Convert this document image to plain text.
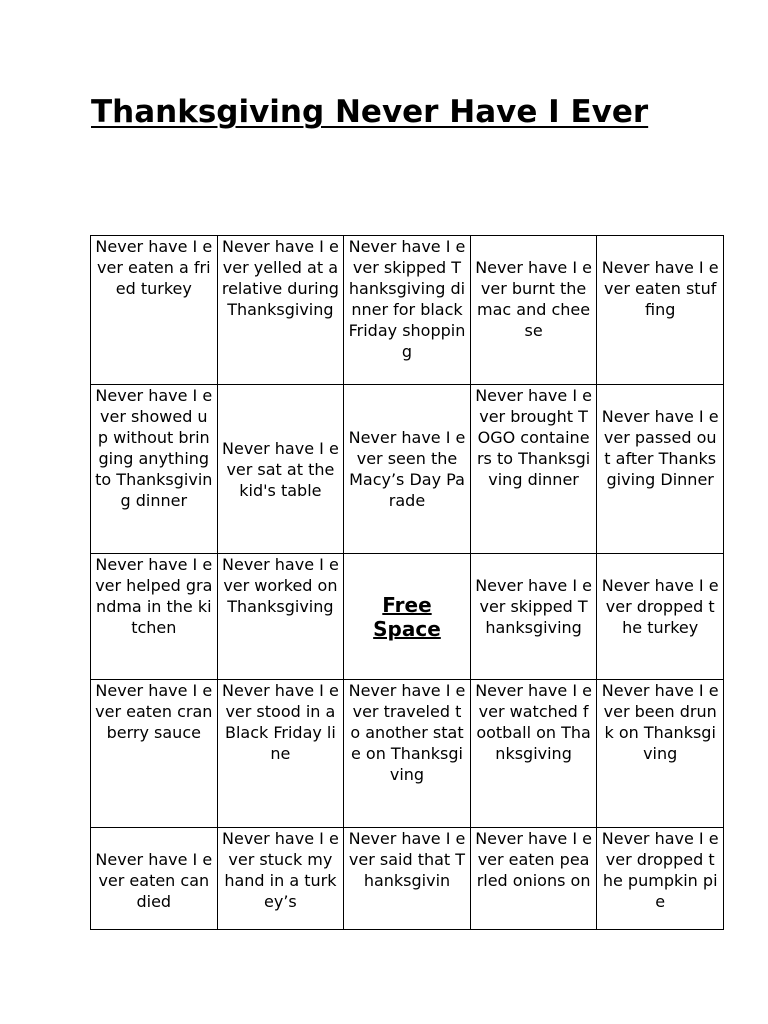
Thanksgiving Never Have I Ever
Never have I ever eaten a fried turkey	Never have I ever yelled at a relative during Thanksgiving	Never have I ever skipped Thanksgiving dinner for black Friday shopping	Never have I ever burnt the mac and cheese	Never have I ever eaten stuffing

Never have I ever showed up without bringing anything to Thanksgiving dinner	Never have I ever sat at the kid's table	Never have I ever seen the Macy’s Day Parade	Never have I ever brought TOGO containers to Thanksgiving dinner	Never have I ever passed out after Thanksgiving Dinner

Never have I ever helped grandma in the kitchen	Never have I ever worked on Thanksgiving	Free Space	Never have I ever skipped Thanksgiving	Never have I ever dropped the turkey

Never have I ever eaten cranberry sauce	Never have I ever stood in a Black Friday line	Never have I ever traveled to another state on Thanksgiving	Never have I ever watched football on Thanksgiving	Never have I ever been drunk on Thanksgiving

Never have I ever eaten candied	Never have I ever stuck my hand in a turkey’s	Never have I ever said that Thanksgivin	Never have I ever eaten pearled onions on	Never have I ever dropped the pumpkin pie
